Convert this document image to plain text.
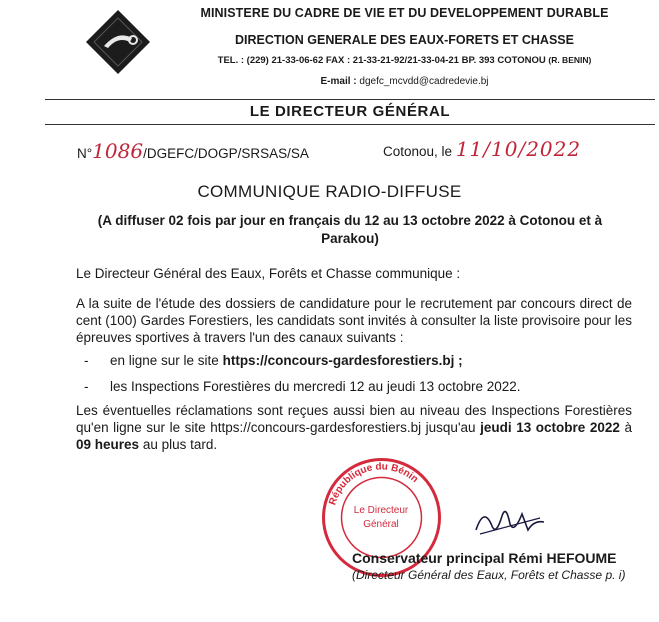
MINISTERE DU CADRE DE VIE ET DU DEVELOPPEMENT DURABLE
DIRECTION GENERALE DES EAUX-FORETS ET CHASSE
TEL. : (229) 21-33-06-62 FAX : 21-33-21-92/21-33-04-21 BP. 393 COTONOU (R. BENIN)
E-mail : dgefc_mcvdd@cadredevie.bj
LE DIRECTEUR GÉNÉRAL
N°1086/DGEFC/DOGP/SRSAS/SA	Cotonou, le 11/10/2022
COMMUNIQUE RADIO-DIFFUSE
(A diffuser 02 fois par jour en français du 12 au 13 octobre 2022 à Cotonou et à Parakou)
Le Directeur Général des Eaux, Forêts et Chasse communique :
A la suite de l'étude des dossiers de candidature pour le recrutement par concours direct de cent (100) Gardes Forestiers, les candidats sont invités à consulter la liste provisoire pour les épreuves sportives à travers l'un des canaux suivants :
- en ligne sur le site https://concours-gardesforestiers.bj ;
- les Inspections Forestières du mercredi 12 au jeudi 13 octobre 2022.
Les éventuelles réclamations sont reçues aussi bien au niveau des Inspections Forestières qu'en ligne sur le site https://concours-gardesforestiers.bj jusqu'au jeudi 13 octobre 2022 à 09 heures au plus tard.
République du Bénin
Le Directeur
Général
Conservateur principal Rémi HEFOUME
(Directeur Général des Eaux, Forêts et Chasse p. i)
